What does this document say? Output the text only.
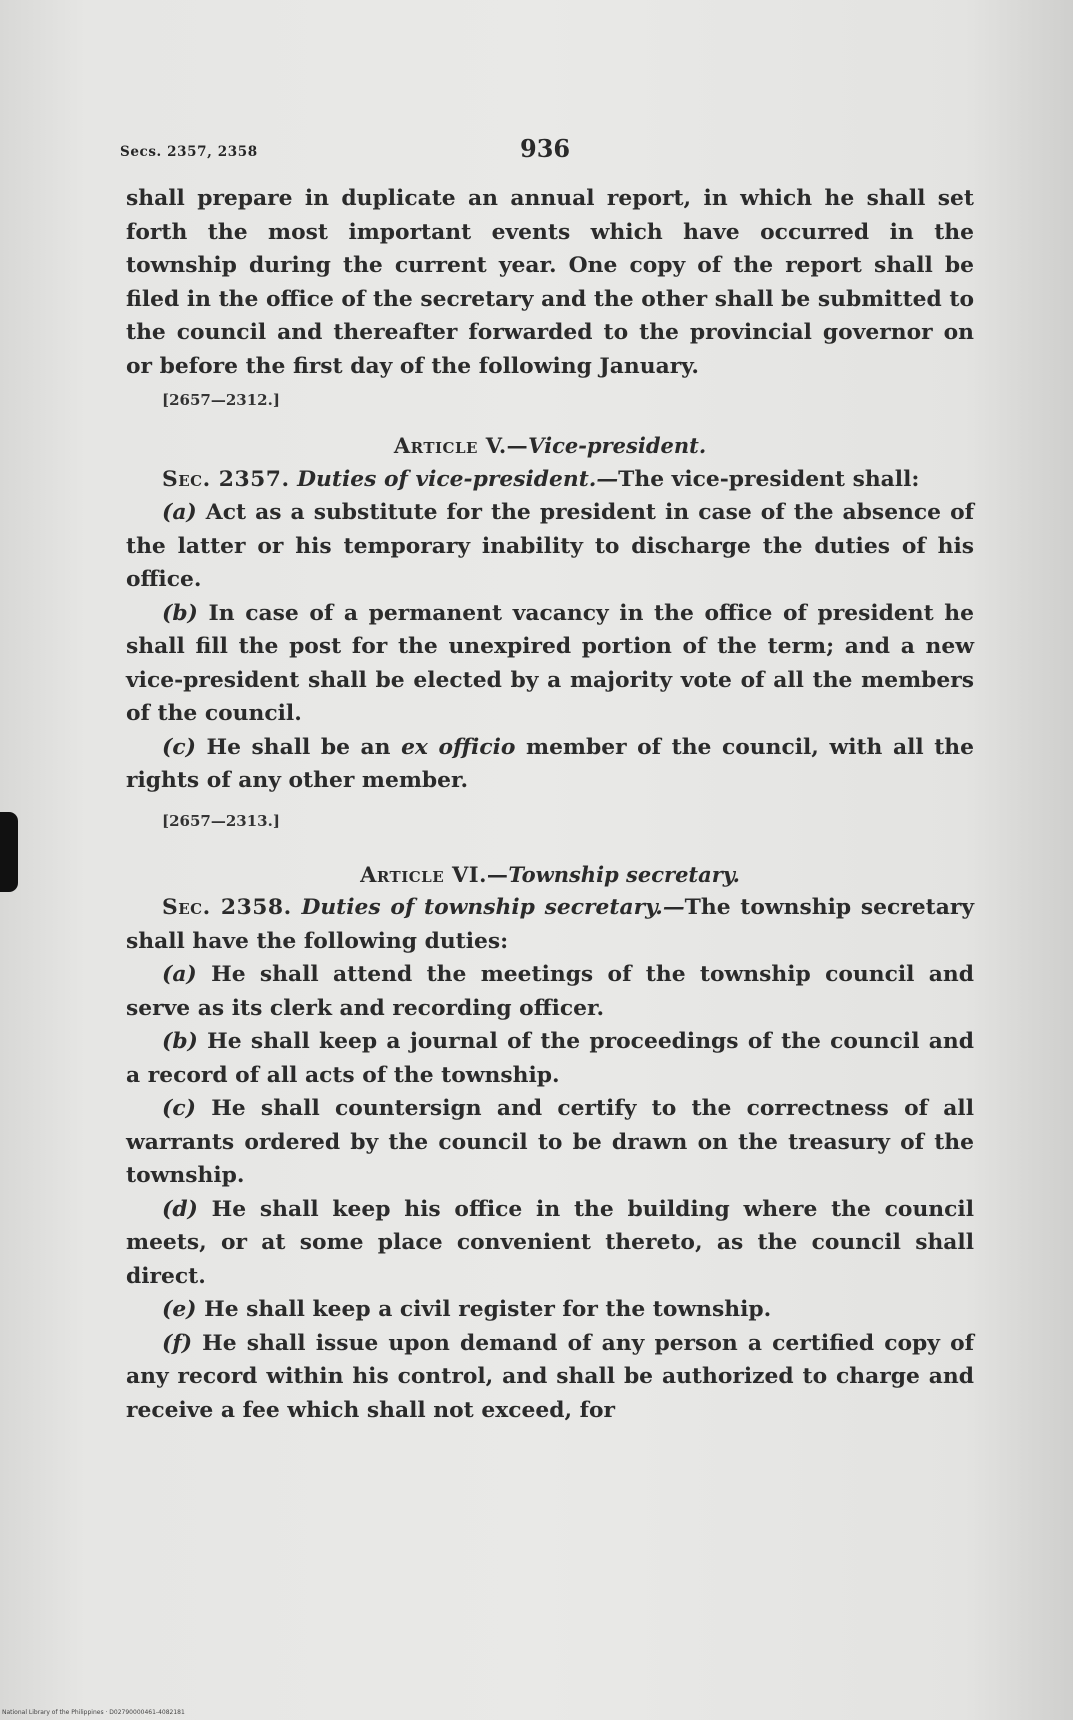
Secs. 2357, 2358	936

shall prepare in duplicate an annual report, in which he shall set forth the most important events which have occurred in the township during the current year. One copy of the report shall be filed in the office of the secretary and the other shall be submitted to the council and thereafter forwarded to the provincial governor on or before the first day of the following January.

[2657—2312.]

Article V.—Vice-president.

Sec. 2357. Duties of vice-president.—The vice-president shall:

(a) Act as a substitute for the president in case of the absence of the latter or his temporary inability to discharge the duties of his office.

(b) In case of a permanent vacancy in the office of president he shall fill the post for the unexpired portion of the term; and a new vice-president shall be elected by a majority vote of all the members of the council.

(c) He shall be an ex officio member of the council, with all the rights of any other member.

[2657—2313.]

Article VI.—Township secretary.

Sec. 2358. Duties of township secretary.—The township secretary shall have the following duties:

(a) He shall attend the meetings of the township council and serve as its clerk and recording officer.

(b) He shall keep a journal of the proceedings of the council and a record of all acts of the township.

(c) He shall countersign and certify to the correctness of all warrants ordered by the council to be drawn on the treasury of the township.

(d) He shall keep his office in the building where the council meets, or at some place convenient thereto, as the council shall direct.

(e) He shall keep a civil register for the township.

(f) He shall issue upon demand of any person a certified copy of any record within his control, and shall be authorized to charge and receive a fee which shall not exceed, for

National Library of the Philippines · D02790000461-4082181
